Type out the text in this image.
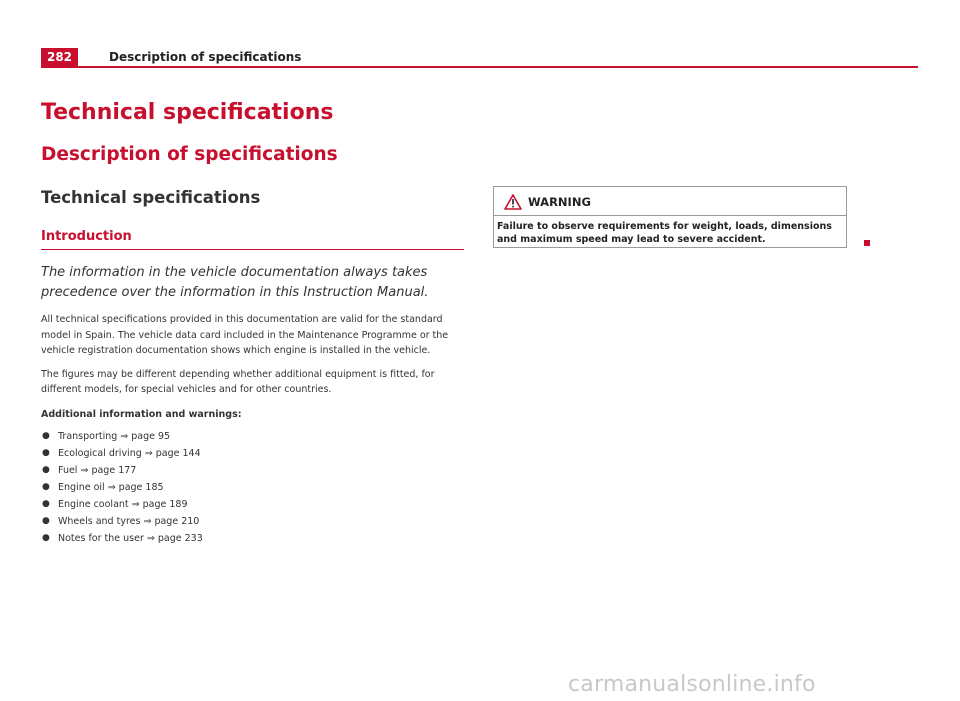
282	Description of specifications
Technical specifications
Description of specifications
Technical specifications
Introduction

The information in the vehicle documentation always takes precedence over the information in this Instruction Manual.

All technical specifications provided in this documentation are valid for the standard model in Spain. The vehicle data card included in the Maintenance Programme or the vehicle registration documentation shows which engine is installed in the vehicle.

The figures may be different depending whether additional equipment is fitted, for different models, for special vehicles and for other countries.

Additional information and warnings:

● Transporting ⇒ page 95
● Ecological driving ⇒ page 144
● Fuel ⇒ page 177
● Engine oil ⇒ page 185
● Engine coolant ⇒ page 189
● Wheels and tyres ⇒ page 210
● Notes for the user ⇒ page 233
WARNING
Failure to observe requirements for weight, loads, dimensions and maximum speed may lead to severe accident.
carmanualsonline.info
